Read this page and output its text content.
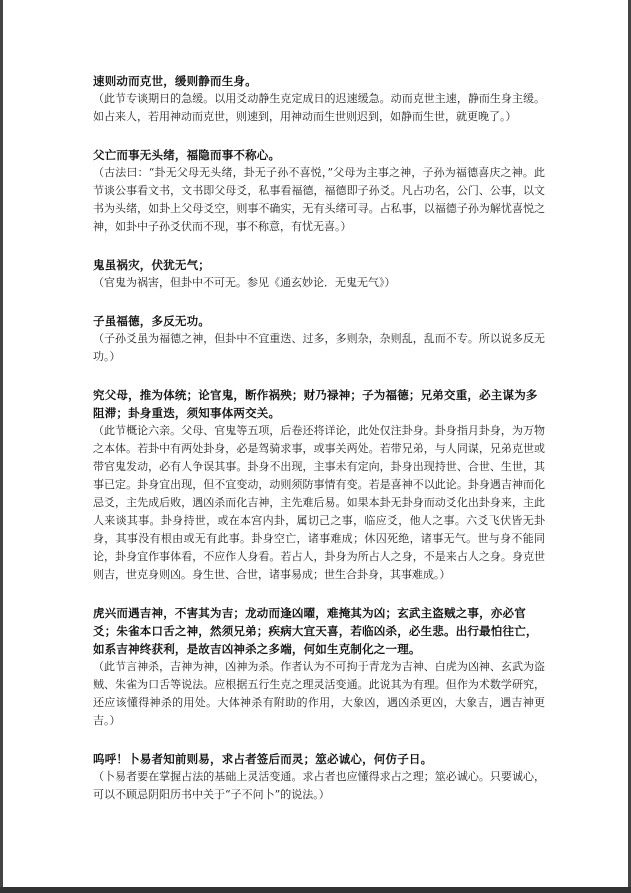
速则动而克世，缓则静而生身。

（此节专谈期日的急缓。以用爻动静生克定成日的迟速缓急。动而克世主速，静而生身主缓。如占来人，若用神动而克世，则速到，用神动而生世则迟到，如静而生世，就更晚了。）

父亡而事无头绪，福隐而事不称心。

（古法曰：“卦无父母无头绪，卦无子孙不喜悦，”父母为主事之神，子孙为福德喜庆之神。此节谈公事看文书，文书即父母爻，私事看福德，福德即子孙爻。凡占功名，公门、公事，以文书为头绪，如卦上父母爻空，则事不确实，无有头绪可寻。占私事，以福德子孙为解忧喜悦之神，如卦中子孙爻伏而不现，事不称意，有忧无喜。）

鬼虽祸灾，伏犹无气；

（官鬼为祸害，但卦中不可无。参见《通玄妙论．无鬼无气》）

子虽福德，多反无功。

（子孙爻虽为福德之神，但卦中不宜重迭、过多，多则杂，杂则乱，乱而不专。所以说多反无功。）

究父母，推为体统；论官鬼，断作祸殃；财乃禄神；子为福德；兄弟交重，必主谋为多阻滞；卦身重迭，须知事体两交关。

（此节概论六亲。父母、官鬼等五项，后卷还将详论，此处仅注卦身。卦身指月卦身，为万物之本体。若卦中有两处卦身，必是驾骑求事，或事关两处。若带兄弟，与人同谋，兄弟克世或带官鬼发动，必有人争误其事。卦身不出现，主事未有定向，卦身出现持世、合世、生世，其事已定。卦身宜出现，但不宜变动，动则须防事情有变。若是喜神不以此论。卦身遇吉神而化忌爻，主先成后败，遇凶杀而化吉神，主先难后易。如果本卦无卦身而动爻化出卦身来，主此人来谈其事。卦身持世，或在本宫内卦，属切己之事，临应爻，他人之事。六爻飞伏皆无卦身，其事没有根由或无有此事。卦身空亡，诸事难成；休囚死绝，诸事无气。世与身不能同论，卦身宜作事体看，不应作人身看。若占人，卦身为所占人之身，不是来占人之身。身克世则吉，世克身则凶。身生世、合世，诸事易成；世生合卦身，其事难成。）

虎兴而遇吉神，不害其为吉；龙动而逢凶曜，难掩其为凶；玄武主盗贼之事，亦必官爻；朱雀本口舌之神，然须兄弟；疾病大宜天喜，若临凶杀，必生悲。出行最怕往亡，如系吉神终获利，是故吉凶神杀之多端，何如生克制化之一理。

（此节言神杀，吉神为神，凶神为杀。作者认为不可拘于青龙为吉神、白虎为凶神、玄武为盗贼、朱雀为口舌等说法。应根据五行生克之理灵活变通。此说其为有理。但作为术数学研究，还应该懂得神杀的用处。大体神杀有附助的作用，大象凶，遇凶杀更凶，大象吉，遇吉神更吉。）

呜呼！卜易者知前则易，求占者签后而灵；筮必诚心，何仿子日。

（卜易者要在掌握占法的基础上灵活变通。求占者也应懂得求占之理；筮必诚心。只要诚心，可以不顾忌阴阳历书中关于“子不问卜”的说法。）
